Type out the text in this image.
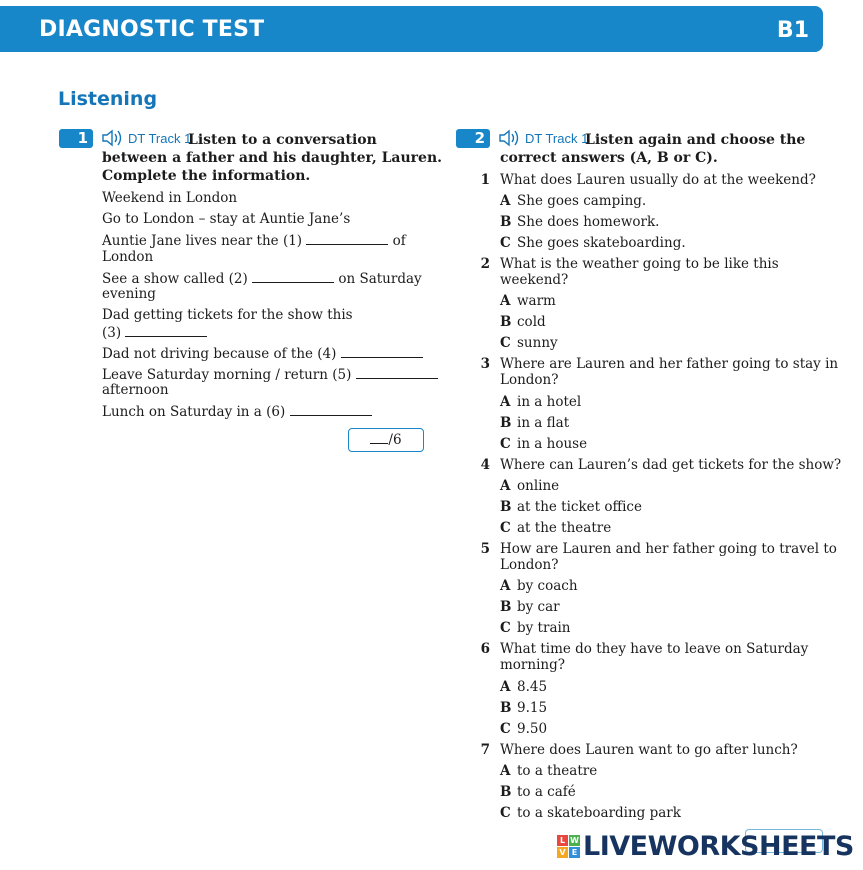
DIAGNOSTIC TEST	B1
Listening
1	DT Track 1
Listen to a conversation
between a father and his daughter, Lauren.
Complete the information.
Weekend in London
Go to London – stay at Auntie Jane’s
Auntie Jane lives near the (1)	of
London
See a show called (2)	on Saturday
evening
Dad getting tickets for the show this
(3)
Dad not driving because of the (4)
Leave Saturday morning / return (5)
afternoon
Lunch on Saturday in a (6)
/6
2	DT Track 1
Listen again and choose the
correct answers (A, B or C).
1 What does Lauren usually do at the weekend?
A She goes camping.
B She does homework.
C She goes skateboarding.
2 What is the weather going to be like this
weekend?
A warm
B cold
C sunny
3 Where are Lauren and her father going to stay in
London?
A in a hotel
B in a flat
C in a house
4 Where can Lauren’s dad get tickets for the show?
A online
B at the ticket office
C at the theatre
5 How are Lauren and her father going to travel to
London?
A by coach
B by car
C by train
6 What time do they have to leave on Saturday
morning?
A 8.45
B 9.15
C 9.50
7 Where does Lauren want to go after lunch?
A to a theatre
B to a café
C to a skateboarding park
L W
V E LIVEWORKSHEETS
